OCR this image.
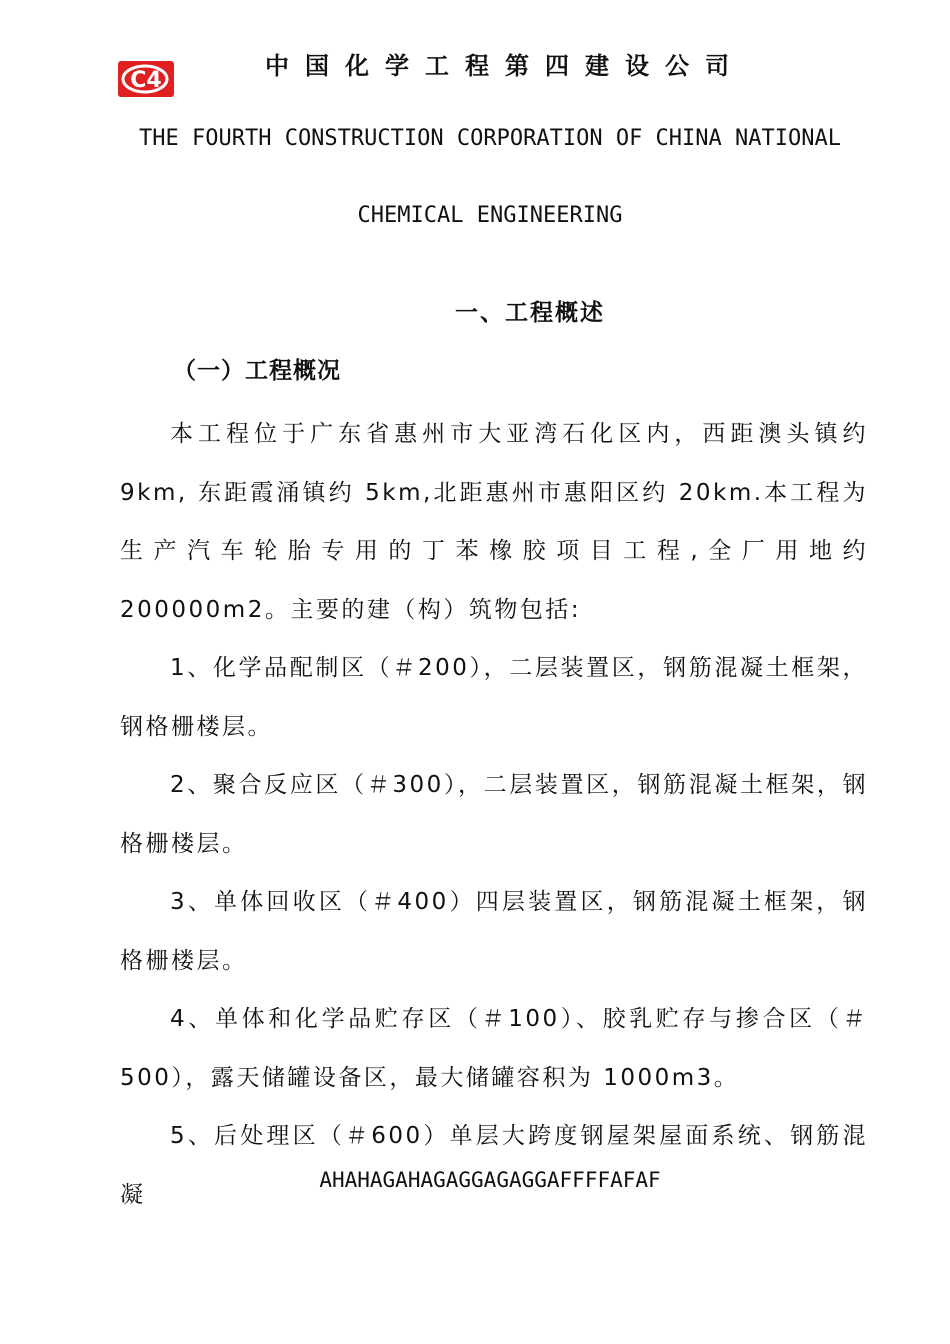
C4
中国化学工程第四建设公司
THE FOURTH CONSTRUCTION CORPORATION OF CHINA NATIONAL
CHEMICAL ENGINEERING
一、工程概述
（一）工程概况

本工程位于广东省惠州市大亚湾石化区内，西距澳头镇约 9km, 东距霞涌镇约 5km,北距惠州市惠阳区约 20km.本工程为生产汽车轮胎专用的丁苯橡胶项目工程,全厂用地约 200000m2。主要的建（构）筑物包括:

1、化学品配制区（＃200），二层装置区，钢筋混凝土框架，钢格栅楼层。

2、聚合反应区（＃300），二层装置区，钢筋混凝土框架，钢格栅楼层。

3、单体回收区（＃400）四层装置区，钢筋混凝土框架，钢格栅楼层。

4、单体和化学品贮存区（＃100）、胶乳贮存与掺合区（＃500），露天储罐设备区，最大储罐容积为 1000m3。

5、后处理区（＃600）单层大跨度钢屋架屋面系统、钢筋混凝

AHAHAGAHAGAGGAGAGGAFFFFAFAF
